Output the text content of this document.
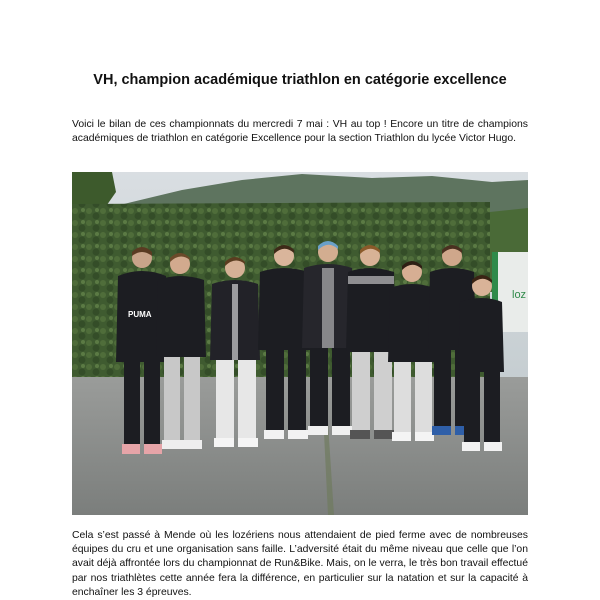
VH, champion académique triathlon en catégorie excellence

Voici le bilan de ces championnats du mercredi 7 mai : VH au top ! Encore un titre de champions académiques de triathlon en catégorie Excellence pour la section Triathlon du lycée Victor Hugo.

loz
PUMA

Cela s’est passé à Mende où les lozériens nous attendaient de pied ferme avec de nombreuses équipes du cru et une organisation sans faille. L’adversité était du même niveau que celle que l’on avait déjà affrontée lors du championnat de Run&Bike. Mais, on le verra, le très bon travail effectué par nos triathlètes cette année fera la différence, en particulier sur la natation et sur la capacité à enchaîner les 3 épreuves.
